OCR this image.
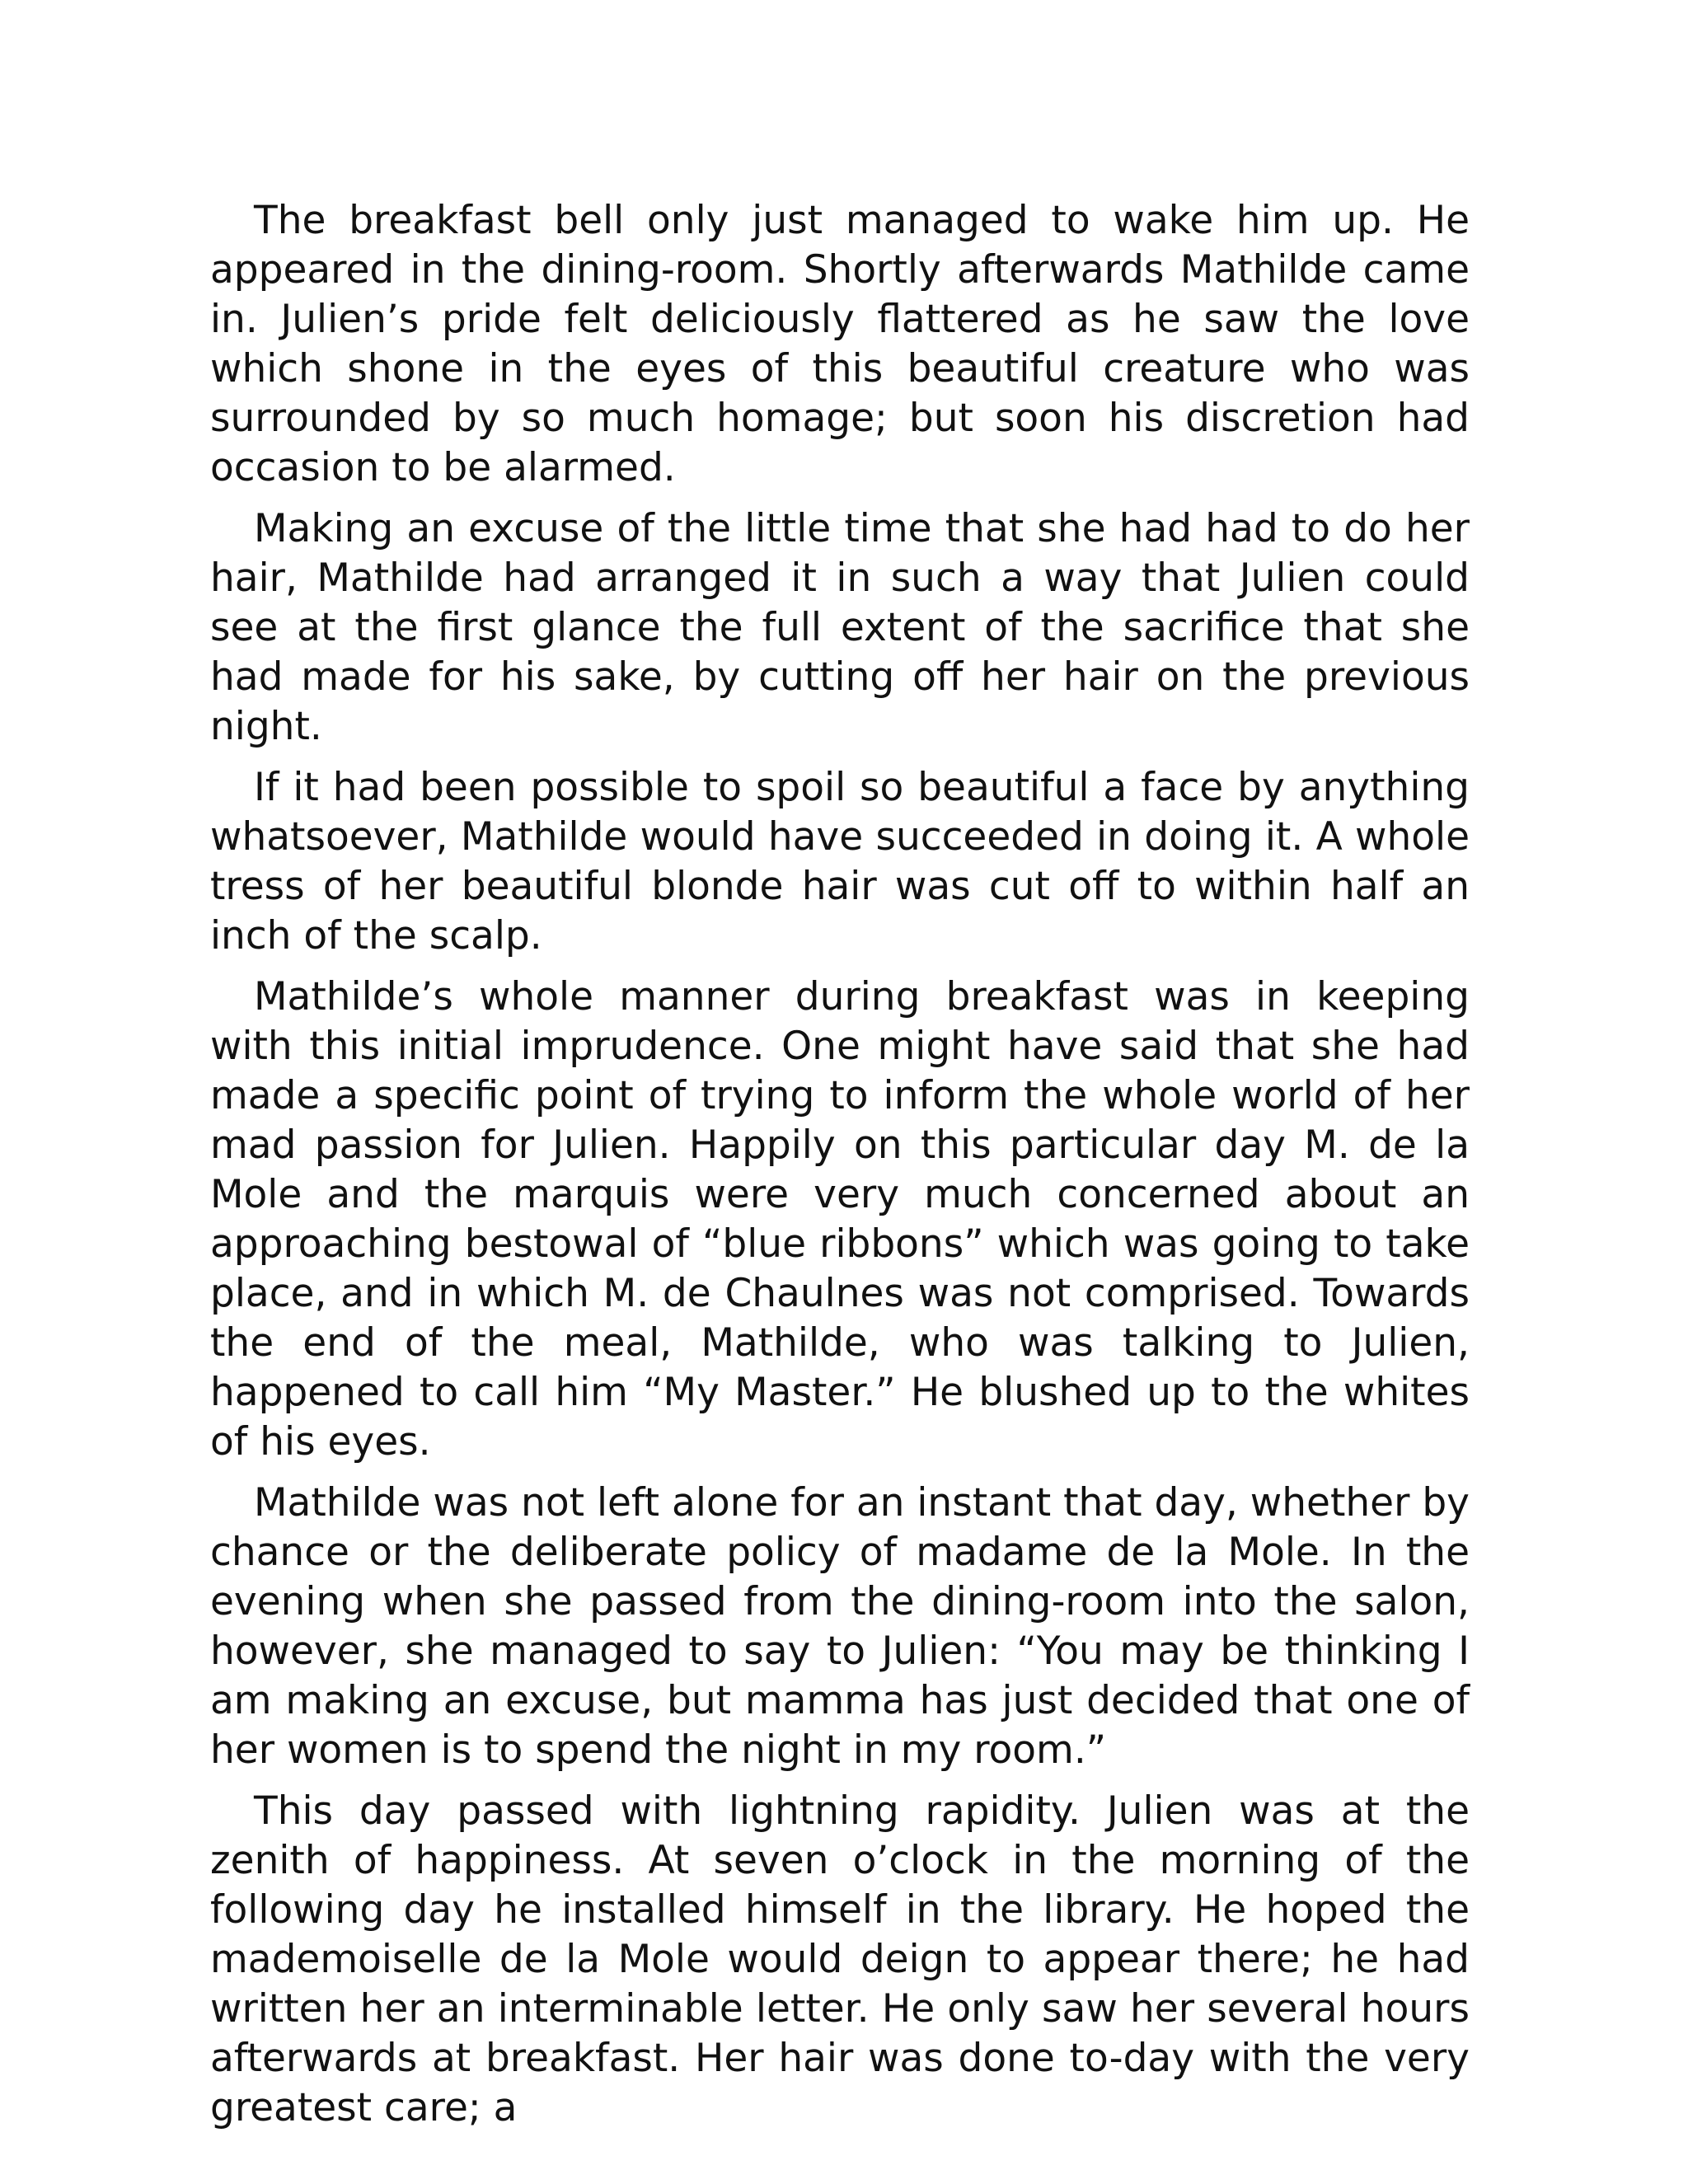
The breakfast bell only just managed to wake him up. He appeared in the dining-room. Shortly afterwards Mathilde came in. Julien’s pride felt deliciously flattered as he saw the love which shone in the eyes of this beautiful creature who was surrounded by so much homage; but soon his discretion had occasion to be alarmed.

Making an excuse of the little time that she had had to do her hair, Mathilde had arranged it in such a way that Julien could see at the first glance the full extent of the sacrifice that she had made for his sake, by cutting off her hair on the previous night.

If it had been possible to spoil so beautiful a face by anything whatsoever, Mathilde would have succeeded in doing it. A whole tress of her beautiful blonde hair was cut off to within half an inch of the scalp.

Mathilde’s whole manner during breakfast was in keeping with this initial imprudence. One might have said that she had made a specific point of trying to inform the whole world of her mad passion for Julien. Happily on this particular day M. de la Mole and the marquis were very much concerned about an approaching bestowal of “blue ribbons” which was going to take place, and in which M. de Chaulnes was not comprised. Towards the end of the meal, Mathilde, who was talking to Julien, happened to call him “My Master.” He blushed up to the whites of his eyes.

Mathilde was not left alone for an instant that day, whether by chance or the deliberate policy of madame de la Mole. In the evening when she passed from the dining-room into the salon, however, she managed to say to Julien: “You may be thinking I am making an excuse, but mamma has just decided that one of her women is to spend the night in my room.”

This day passed with lightning rapidity. Julien was at the zenith of happiness. At seven o’clock in the morning of the following day he installed himself in the library. He hoped the mademoiselle de la Mole would deign to appear there; he had written her an interminable letter. He only saw her several hours afterwards at breakfast. Her hair was done to-day with the very greatest care; a
